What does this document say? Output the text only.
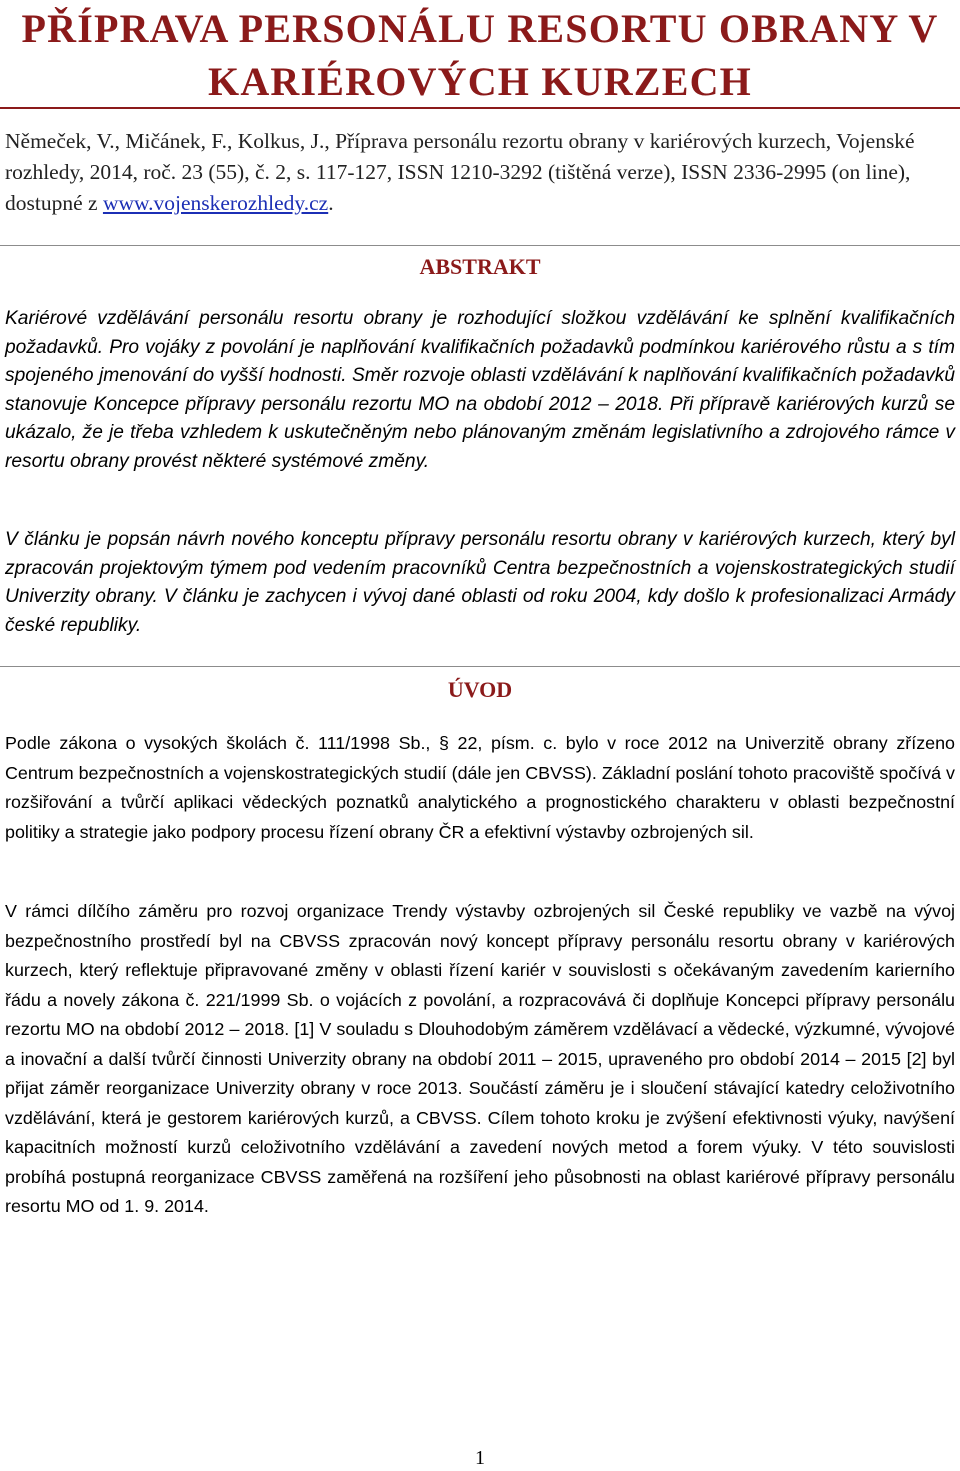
PŘÍPRAVA PERSONÁLU RESORTU OBRANY V KARIÉROVÝCH KURZECH

Němeček, V., Mičánek, F., Kolkus, J., Příprava personálu rezortu obrany v kariérových kurzech, Vojenské rozhledy, 2014, roč. 23 (55), č. 2, s. 117-127, ISSN 1210-3292 (tištěná verze), ISSN 2336-2995 (on line), dostupné z www.vojenskerozhledy.cz.

ABSTRAKT

Kariérové vzdělávání personálu resortu obrany je rozhodující složkou vzdělávání ke splnění kvalifikačních požadavků. Pro vojáky z povolání je naplňování kvalifikačních požadavků podmínkou kariérového růstu a s tím spojeného jmenování do vyšší hodnosti. Směr rozvoje oblasti vzdělávání k naplňování kvalifikačních požadavků stanovuje Koncepce přípravy personálu rezortu MO na období 2012 – 2018. Při přípravě kariérových kurzů se ukázalo, že je třeba vzhledem k uskutečněným nebo plánovaným změnám legislativního a zdrojového rámce v resortu obrany provést některé systémové změny.

V článku je popsán návrh nového konceptu přípravy personálu resortu obrany v kariérových kurzech, který byl zpracován projektovým týmem pod vedením pracovníků Centra bezpečnostních a vojenskostrategických studií Univerzity obrany. V článku je zachycen i vývoj dané oblasti od roku 2004, kdy došlo k profesionalizaci Armády české republiky.

ÚVOD

Podle zákona o vysokých školách č. 111/1998 Sb., § 22, písm. c. bylo v roce 2012 na Univerzitě obrany zřízeno Centrum bezpečnostních a vojenskostrategických studií (dále jen CBVSS). Základní poslání tohoto pracoviště spočívá v rozšiřování a tvůrčí aplikaci vědeckých poznatků analytického a prognostického charakteru v oblasti bezpečnostní politiky a strategie jako podpory procesu řízení obrany ČR a efektivní výstavby ozbrojených sil.

V rámci dílčího záměru pro rozvoj organizace Trendy výstavby ozbrojených sil České republiky ve vazbě na vývoj bezpečnostního prostředí byl na CBVSS zpracován nový koncept přípravy personálu resortu obrany v kariérových kurzech, který reflektuje připravované změny v oblasti řízení kariér v souvislosti s očekávaným zavedením karierního řádu a novely zákona č. 221/1999 Sb. o vojácích z povolání, a rozpracovává či doplňuje Koncepci přípravy personálu rezortu MO na období 2012 – 2018. [1] V souladu s Dlouhodobým záměrem vzdělávací a vědecké, výzkumné, vývojové a inovační a další tvůrčí činnosti Univerzity obrany na období 2011 – 2015, upraveného pro období 2014 – 2015 [2] byl přijat záměr reorganizace Univerzity obrany v roce 2013. Součástí záměru je i sloučení stávající katedry celoživotního vzdělávání, která je gestorem kariérových kurzů, a CBVSS. Cílem tohoto kroku je zvýšení efektivnosti výuky, navýšení kapacitních možností kurzů celoživotního vzdělávání a zavedení nových metod a forem výuky. V této souvislosti probíhá postupná reorganizace CBVSS zaměřená na rozšíření jeho působnosti na oblast kariérové přípravy personálu resortu MO od 1. 9. 2014.

1
